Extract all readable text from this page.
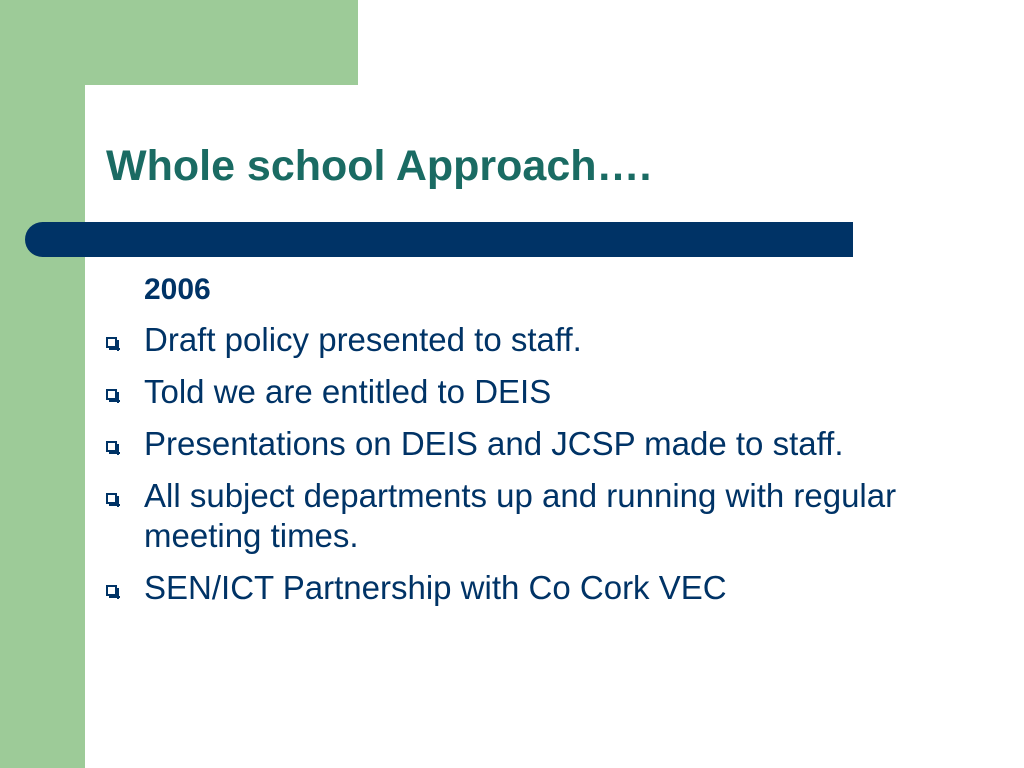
Whole school Approach….

2006

Draft policy presented to staff.
Told we are entitled to DEIS
Presentations on DEIS and JCSP made to staff.
All subject departments up and running with regular meeting times.
SEN/ICT Partnership with Co Cork VEC
